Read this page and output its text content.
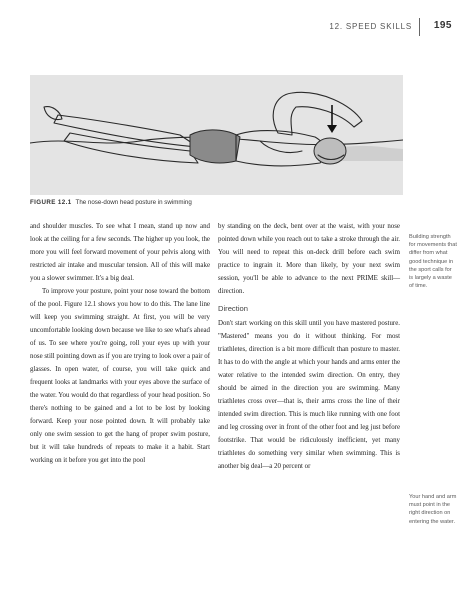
12. SPEED SKILLS 195
FIGURE 12.1 The nose-down head posture in swimming

and shoulder muscles. To see what I mean, stand up now and look at the ceiling for a few seconds. The higher up you look, the more you will feel forward movement of your pelvis along with restricted air intake and muscular tension. All of this will make you a slower swimmer. It's a big deal.

To improve your posture, point your nose toward the bottom of the pool. Figure 12.1 shows you how to do this. The lane line will keep you swimming straight. At first, you will be very uncomfortable looking down because we like to see what's ahead of us. To see where you're going, roll your eyes up with your nose still pointing down as if you are trying to look over a pair of glasses. In open water, of course, you will take quick and frequent looks at landmarks with your eyes above the surface of the water. You would do that regardless of your head position. So there's nothing to be gained and a lot to be lost by looking forward. Keep your nose pointed down. It will probably take only one swim session to get the hang of proper swim posture, but it will take hundreds of repeats to make it a habit. Start working on it before you get into the pool

by standing on the deck, bent over at the waist, with your nose pointed down while you reach out to take a stroke through the air. You will need to repeat this on-deck drill before each swim practice to ingrain it. More than likely, by your next swim session, you'll be able to advance to the next PRIME skill—direction.

Direction

Don't start working on this skill until you have mastered posture. "Mastered" means you do it without thinking. For most triathletes, direction is a bit more difficult than posture to master. It has to do with the angle at which your hands and arms enter the water relative to the intended swim direction. On entry, they should be aimed in the direction you are swimming. Many triathletes cross over—that is, their arms cross the line of their intended swim direction. This is much like running with one foot and leg crossing over in front of the other foot and leg just before footstrike. That would be ridiculously inefficient, yet many triathletes do something very similar when swimming. This is another big deal—a 20 percent or

Building strength for movements that differ from what good technique in the sport calls for is largely a waste of time.

Your hand and arm must point in the right direction on entering the water.
